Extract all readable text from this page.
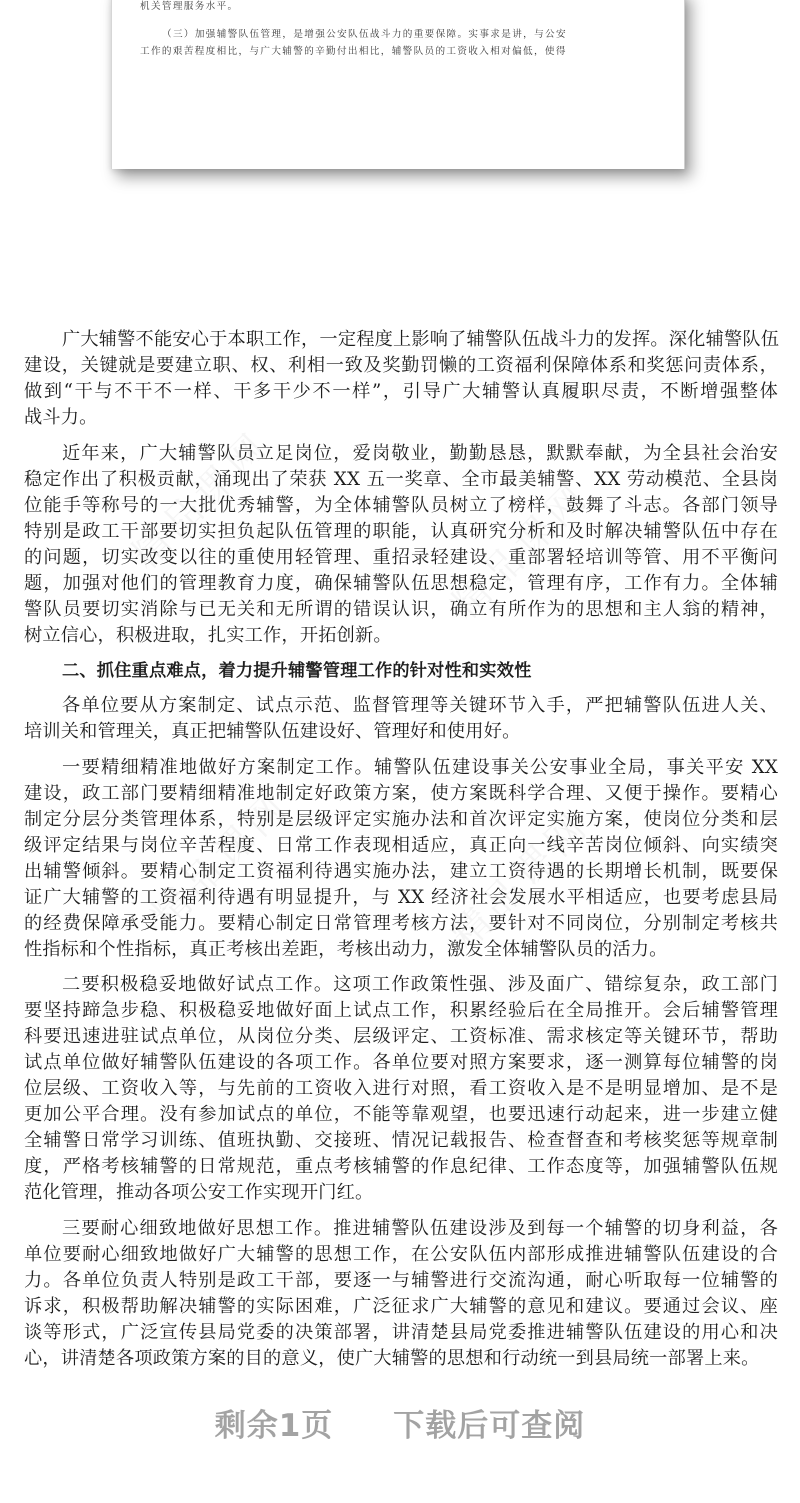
机关管理服务水平。
（三）加强辅警队伍管理，是增强公安队伍战斗力的重要保障。实事求是讲，与公安
工作的艰苦程度相比，与广大辅警的辛勤付出相比，辅警队员的工资收入相对偏低，使得
精品课网	精品课网
精品课网	精品课网
广大辅警不能安心于本职工作，一定程度上影响了辅警队伍战斗力的发挥。深化辅警队伍
建设，关键就是要建立职、权、利相一致及奖勤罚懒的工资福利保障体系和奖惩问责体系，
做到“干与不干不一样、干多干少不一样”，引导广大辅警认真履职尽责，不断增强整体
战斗力。
近年来，广大辅警队员立足岗位，爱岗敬业，勤勤恳恳，默默奉献，为全县社会治安
稳定作出了积极贡献，涌现出了荣获 XX 五一奖章、全市最美辅警、XX 劳动模范、全县岗
位能手等称号的一大批优秀辅警，为全体辅警队员树立了榜样，鼓舞了斗志。各部门领导
特别是政工干部要切实担负起队伍管理的职能，认真研究分析和及时解决辅警队伍中存在
的问题，切实改变以往的重使用轻管理、重招录轻建设、重部署轻培训等管、用不平衡问
题，加强对他们的管理教育力度，确保辅警队伍思想稳定，管理有序，工作有力。全体辅
警队员要切实消除与已无关和无所谓的错误认识，确立有所作为的思想和主人翁的精神，
树立信心，积极进取，扎实工作，开拓创新。
二、抓住重点难点，着力提升辅警管理工作的针对性和实效性
各单位要从方案制定、试点示范、监督管理等关键环节入手，严把辅警队伍进人关、
培训关和管理关，真正把辅警队伍建设好、管理好和使用好。
一要精细精准地做好方案制定工作。辅警队伍建设事关公安事业全局，事关平安 XX
建设，政工部门要精细精准地制定好政策方案，使方案既科学合理、又便于操作。要精心
制定分层分类管理体系，特别是层级评定实施办法和首次评定实施方案，使岗位分类和层
级评定结果与岗位辛苦程度、日常工作表现相适应，真正向一线辛苦岗位倾斜、向实绩突
出辅警倾斜。要精心制定工资福利待遇实施办法，建立工资待遇的长期增长机制，既要保
证广大辅警的工资福利待遇有明显提升，与 XX 经济社会发展水平相适应，也要考虑县局
的经费保障承受能力。要精心制定日常管理考核方法，要针对不同岗位，分别制定考核共
性指标和个性指标，真正考核出差距，考核出动力，激发全体辅警队员的活力。
二要积极稳妥地做好试点工作。这项工作政策性强、涉及面广、错综复杂，政工部门
要坚持蹄急步稳、积极稳妥地做好面上试点工作，积累经验后在全局推开。会后辅警管理
科要迅速进驻试点单位，从岗位分类、层级评定、工资标准、需求核定等关键环节，帮助
试点单位做好辅警队伍建设的各项工作。各单位要对照方案要求，逐一测算每位辅警的岗
位层级、工资收入等，与先前的工资收入进行对照，看工资收入是不是明显增加、是不是
更加公平合理。没有参加试点的单位，不能等靠观望，也要迅速行动起来，进一步建立健
全辅警日常学习训练、值班执勤、交接班、情况记载报告、检查督查和考核奖惩等规章制
度，严格考核辅警的日常规范，重点考核辅警的作息纪律、工作态度等，加强辅警队伍规
范化管理，推动各项公安工作实现开门红。
三要耐心细致地做好思想工作。推进辅警队伍建设涉及到每一个辅警的切身利益，各
单位要耐心细致地做好广大辅警的思想工作，在公安队伍内部形成推进辅警队伍建设的合
力。各单位负责人特别是政工干部，要逐一与辅警进行交流沟通，耐心听取每一位辅警的
诉求，积极帮助解决辅警的实际困难，广泛征求广大辅警的意见和建议。要通过会议、座
谈等形式，广泛宣传县局党委的决策部署，讲清楚县局党委推进辅警队伍建设的用心和决
心，讲清楚各项政策方案的目的意义，使广大辅警的思想和行动统一到县局统一部署上来。
剩余1页 下载后可查阅
